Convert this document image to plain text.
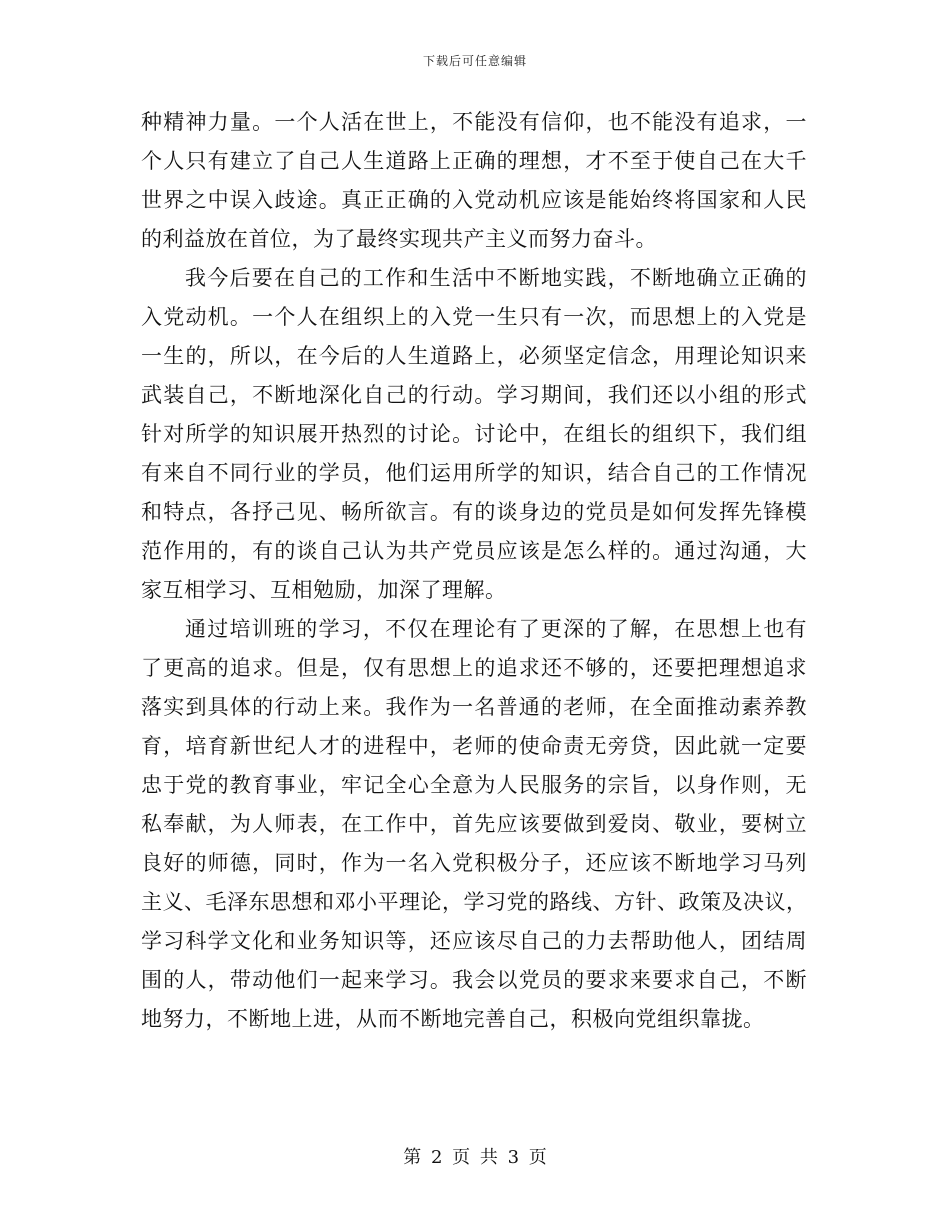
下载后可任意编辑
种精神力量。一个人活在世上，不能没有信仰，也不能没有追求，一
个人只有建立了自己人生道路上正确的理想，才不至于使自己在大千
世界之中误入歧途。真正正确的入党动机应该是能始终将国家和人民
的利益放在首位，为了最终实现共产主义而努力奋斗。
我今后要在自己的工作和生活中不断地实践，不断地确立正确的
入党动机。一个人在组织上的入党一生只有一次，而思想上的入党是
一生的，所以，在今后的人生道路上，必须坚定信念，用理论知识来
武装自己，不断地深化自己的行动。学习期间，我们还以小组的形式
针对所学的知识展开热烈的讨论。讨论中，在组长的组织下，我们组
有来自不同行业的学员，他们运用所学的知识，结合自己的工作情况
和特点，各抒己见、畅所欲言。有的谈身边的党员是如何发挥先锋模
范作用的，有的谈自己认为共产党员应该是怎么样的。通过沟通，大
家互相学习、互相勉励，加深了理解。
通过培训班的学习，不仅在理论有了更深的了解，在思想上也有
了更高的追求。但是，仅有思想上的追求还不够的，还要把理想追求
落实到具体的行动上来。我作为一名普通的老师，在全面推动素养教
育，培育新世纪人才的进程中，老师的使命责无旁贷，因此就一定要
忠于党的教育事业，牢记全心全意为人民服务的宗旨，以身作则，无
私奉献，为人师表，在工作中，首先应该要做到爱岗、敬业，要树立
良好的师德，同时，作为一名入党积极分子，还应该不断地学习马列
主义、毛泽东思想和邓小平理论，学习党的路线、方针、政策及决议，
学习科学文化和业务知识等，还应该尽自己的力去帮助他人，团结周
围的人，带动他们一起来学习。我会以党员的要求来要求自己，不断
地努力，不断地上进，从而不断地完善自己，积极向党组织靠拢。
第 2 页 共 3 页
